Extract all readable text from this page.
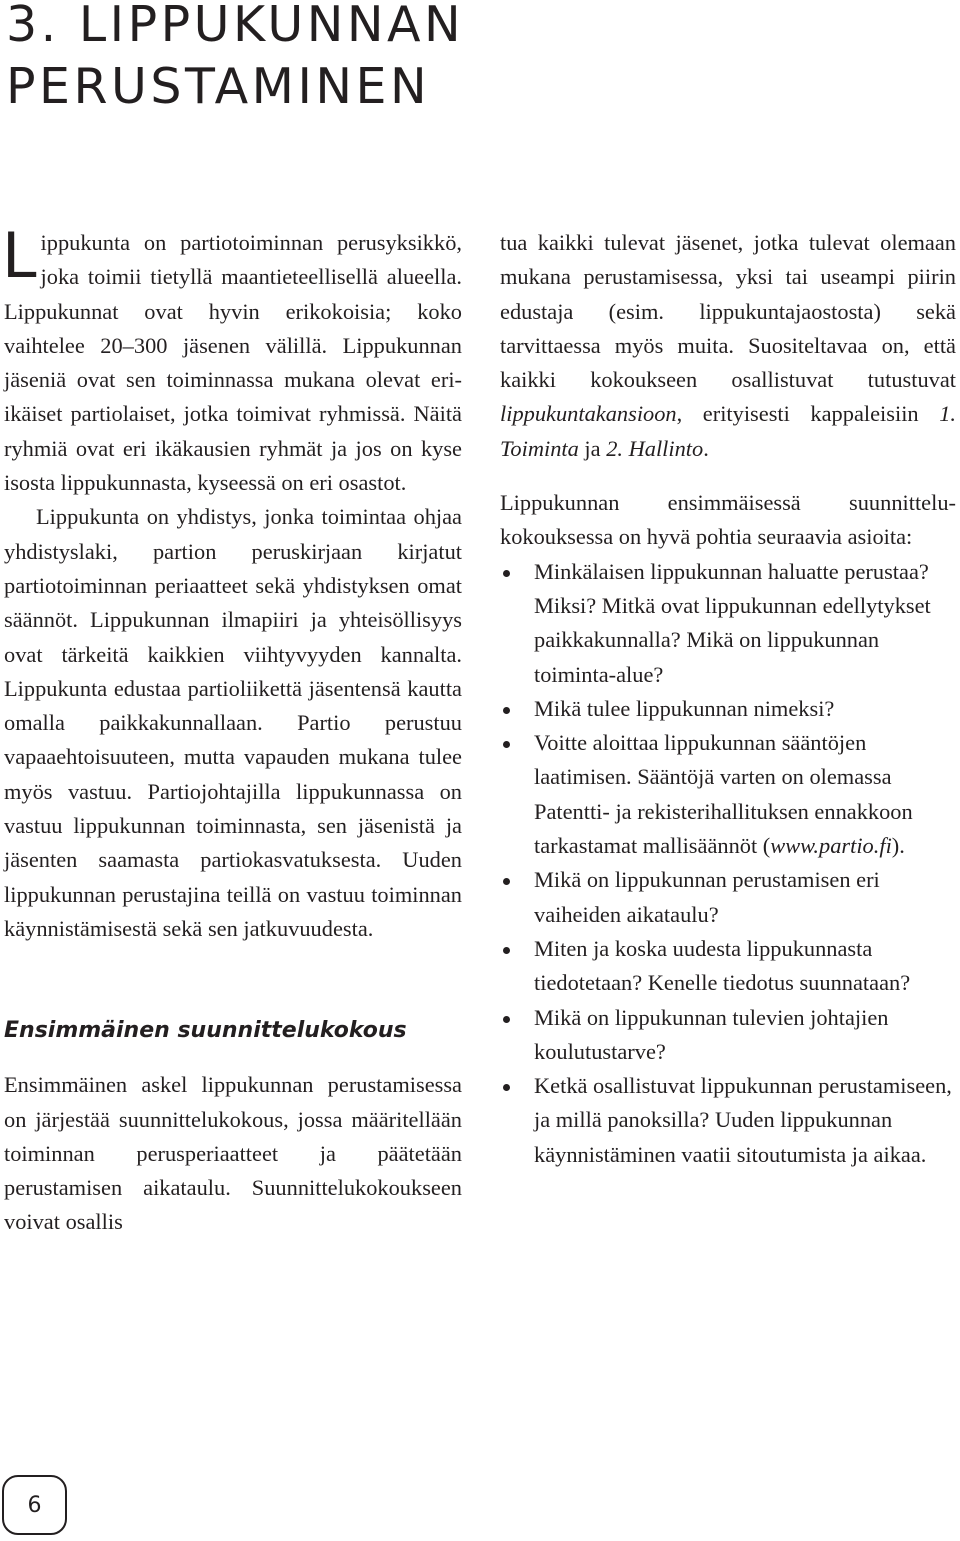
3. LIPPUKUNNAN
PERUSTAMINEN

Lippukunta on partiotoiminnan perusyksikkö, joka toimii tietyllä maantieteellisellä alueella. Lippukunnat ovat hyvin erikokoisia; koko vaihtelee 20–300 jäsenen välillä. Lippukunnan jäseniä ovat sen toiminnassa mukana olevat eri-ikäiset partiolaiset, jotka toimivat ryhmissä. Näitä ryhmiä ovat eri ikäkausien ryhmät ja jos on kyse isosta lippukunnasta, kyseessä on eri osastot.

Lippukunta on yhdistys, jonka toimintaa ohjaa yhdistyslaki, partion peruskirjaan kirjatut partiotoiminnan periaatteet sekä yhdistyksen omat säännöt. Lippukunnan ilmapiiri ja yhteisöllisyys ovat tärkeitä kaikkien viihtyvyyden kannalta. Lippukunta edustaa partioliikettä jäsentensä kautta omalla paikkakunnallaan. Partio perustuu vapaaehtoisuuteen, mutta vapauden mukana tulee myös vastuu. Partiojohtajilla lippukunnassa on vastuu lippukunnan toiminnasta, sen jäsenistä ja jäsenten saamasta partiokasvatuksesta. Uuden lippukunnan perustajina teillä on vastuu toiminnan käynnistämisestä sekä sen jatkuvuudesta.

Ensimmäinen suunnittelukokous

Ensimmäinen askel lippukunnan perustamisessa on järjestää suunnittelukokous, jossa määritellään toiminnan perusperiaatteet ja päätetään perustamisen aikataulu. Suunnittelukokoukseen voivat osallis

tua kaikki tulevat jäsenet, jotka tulevat olemaan mukana perustamisessa, yksi tai useampi piirin edustaja (esim. lippukuntajaostosta) sekä tarvittaessa myös muita. Suositeltavaa on, että kaikki kokoukseen osallistuvat tutustuvat lippukuntakansioon, erityisesti kappaleisiin 1. Toiminta ja 2. Hallinto.

Lippukunnan ensimmäisessä suunnittelukokouksessa on hyvä pohtia seuraavia asioita:

Minkälaisen lippukunnan haluatte perustaa? Miksi? Mitkä ovat lippukunnan edellytykset paikkakunnalla? Mikä on lippukunnan toiminta-alue?
Mikä tulee lippukunnan nimeksi?
Voitte aloittaa lippukunnan sääntöjen laatimisen. Sääntöjä varten on olemassa Patentti- ja rekisterihallituksen ennakkoon tarkastamat mallisäännöt (www.partio.fi).
Mikä on lippukunnan perustamisen eri vaiheiden aikataulu?
Miten ja koska uudesta lippukunnasta tiedotetaan? Kenelle tiedotus suunnataan?
Mikä on lippukunnan tulevien johtajien koulutustarve?
Ketkä osallistuvat lippukunnan perustamiseen, ja millä panoksilla? Uuden lippukunnan käynnistäminen vaatii sitoutumista ja aikaa.
6
